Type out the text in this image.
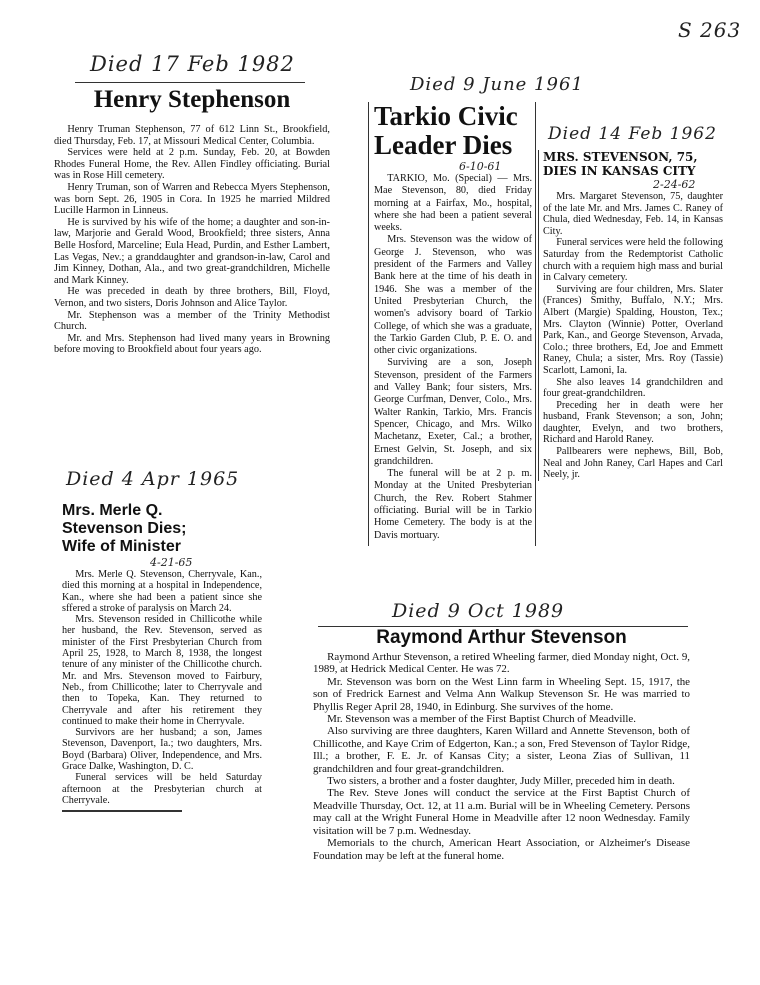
S 263
Died 17 Feb 1982
Henry Stephenson

Henry Truman Stephenson, 77 of 612 Linn St., Brookfield, died Thursday, Feb. 17, at Missouri Medical Center, Columbia.

Services were held at 2 p.m. Sunday, Feb. 20, at Bowden Rhodes Funeral Home, the Rev. Allen Findley officiating. Burial was in Rose Hill cemetery.

Henry Truman, son of Warren and Rebecca Myers Stephenson, was born Sept. 26, 1905 in Cora. In 1925 he married Mildred Lucille Harmon in Linneus.

He is survived by his wife of the home; a daughter and son-in-law, Marjorie and Gerald Wood, Brookfield; three sisters, Anna Belle Hosford, Marceline; Eula Head, Purdin, and Esther Lambert, Las Vegas, Nev.; a granddaughter and grandson-in-law, Carol and Jim Kinney, Dothan, Ala., and two great-grandchildren, Michelle and Mark Kinney.

He was preceded in death by three brothers, Bill, Floyd, Vernon, and two sisters, Doris Johnson and Alice Taylor.

Mr. Stephenson was a member of the Trinity Methodist Church.

Mr. and Mrs. Stephenson had lived many years in Browning before moving to Brookfield about four years ago.

Died 9 June 1961
Tarkio Civic Leader Dies
6-10-61

TARKIO, Mo. (Special) — Mrs. Mae Stevenson, 80, died Friday morning at a Fairfax, Mo., hospital, where she had been a patient several weeks.

Mrs. Stevenson was the widow of George J. Stevenson, who was president of the Farmers and Valley Bank here at the time of his death in 1946. She was a member of the United Presbyterian Church, the women's advisory board of Tarkio College, of which she was a graduate, the Tarkio Garden Club, P. E. O. and other civic organizations.

Surviving are a son, Joseph Stevenson, president of the Farmers and Valley Bank; four sisters, Mrs. George Curfman, Denver, Colo., Mrs. Walter Rankin, Tarkio, Mrs. Francis Spencer, Chicago, and Mrs. Wilko Machetanz, Exeter, Cal.; a brother, Ernest Gelvin, St. Joseph, and six grandchildren.

The funeral will be at 2 p. m. Monday at the United Presbyterian Church, the Rev. Robert Stahmer officiating. Burial will be in Tarkio Home Cemetery. The body is at the Davis mortuary.

Died 14 Feb 1962
MRS. STEVENSON, 75, DIES IN KANSAS CITY
2-24-62

Mrs. Margaret Stevenson, 75, daughter of the late Mr. and Mrs. James C. Raney of Chula, died Wednesday, Feb. 14, in Kansas City.

Funeral services were held the following Saturday from the Redemptorist Catholic church with a requiem high mass and burial in Calvary cemetery.

Surviving are four children, Mrs. Slater (Frances) Smithy, Buffalo, N.Y.; Mrs. Albert (Margie) Spalding, Houston, Tex.; Mrs. Clayton (Winnie) Potter, Overland Park, Kan., and George Stevenson, Arvada, Colo.; three brothers, Ed, Joe and Emmett Raney, Chula; a sister, Mrs. Roy (Tassie) Scarlott, Lamoni, Ia.

She also leaves 14 grandchildren and four great-grandchildren.

Preceding her in death were her husband, Frank Stevenson; a son, John; daughter, Evelyn, and two brothers, Richard and Harold Raney.

Pallbearers were nephews, Bill, Bob, Neal and John Raney, Carl Hapes and Carl Neely, jr.

Died 4 Apr 1965
Mrs. Merle Q. Stevenson Dies; Wife of Minister
4-21-65

Mrs. Merle Q. Stevenson, Cherryvale, Kan., died this morning at a hospital in Independence, Kan., where she had been a patient since she sffered a stroke of paralysis on March 24.

Mrs. Stevenson resided in Chillicothe while her husband, the Rev. Stevenson, served as minister of the First Presbyterian Church from April 25, 1928, to March 8, 1938, the longest tenure of any minister of the Chillicothe church. Mr. and Mrs. Stevenson moved to Fairbury, Neb., from Chillicothe; later to Cherryvale and then to Topeka, Kan. They returned to Cherryvale and after his retirement they continued to make their home in Cherryvale.

Survivors are her husband; a son, James Stevenson, Davenport, Ia.; two daughters, Mrs. Boyd (Barbara) Oliver, Independence, and Mrs. Grace Dalke, Washington, D. C.

Funeral services will be held Saturday afternoon at the Presbyterian church at Cherryvale.

Died 9 Oct 1989
Raymond Arthur Stevenson

Raymond Arthur Stevenson, a retired Wheeling farmer, died Monday night, Oct. 9, 1989, at Hedrick Medical Center. He was 72.

Mr. Stevenson was born on the West Linn farm in Wheeling Sept. 15, 1917, the son of Fredrick Earnest and Velma Ann Walkup Stevenson Sr. He was married to Phyllis Reger April 28, 1940, in Edinburg. She survives of the home.

Mr. Stevenson was a member of the First Baptist Church of Meadville.

Also surviving are three daughters, Karen Willard and Annette Stevenson, both of Chillicothe, and Kaye Crim of Edgerton, Kan.; a son, Fred Stevenson of Taylor Ridge, Ill.; a brother, F. E. Jr. of Kansas City; a sister, Leona Zias of Sullivan, 11 grandchildren and four great-grandchildren.

Two sisters, a brother and a foster daughter, Judy Miller, preceded him in death.

The Rev. Steve Jones will conduct the service at the First Baptist Church of Meadville Thursday, Oct. 12, at 11 a.m. Burial will be in Wheeling Cemetery. Persons may call at the Wright Funeral Home in Meadville after 12 noon Wednesday. Family visitation will be 7 p.m. Wednesday.

Memorials to the church, American Heart Association, or Alzheimer's Disease Foundation may be left at the funeral home.
